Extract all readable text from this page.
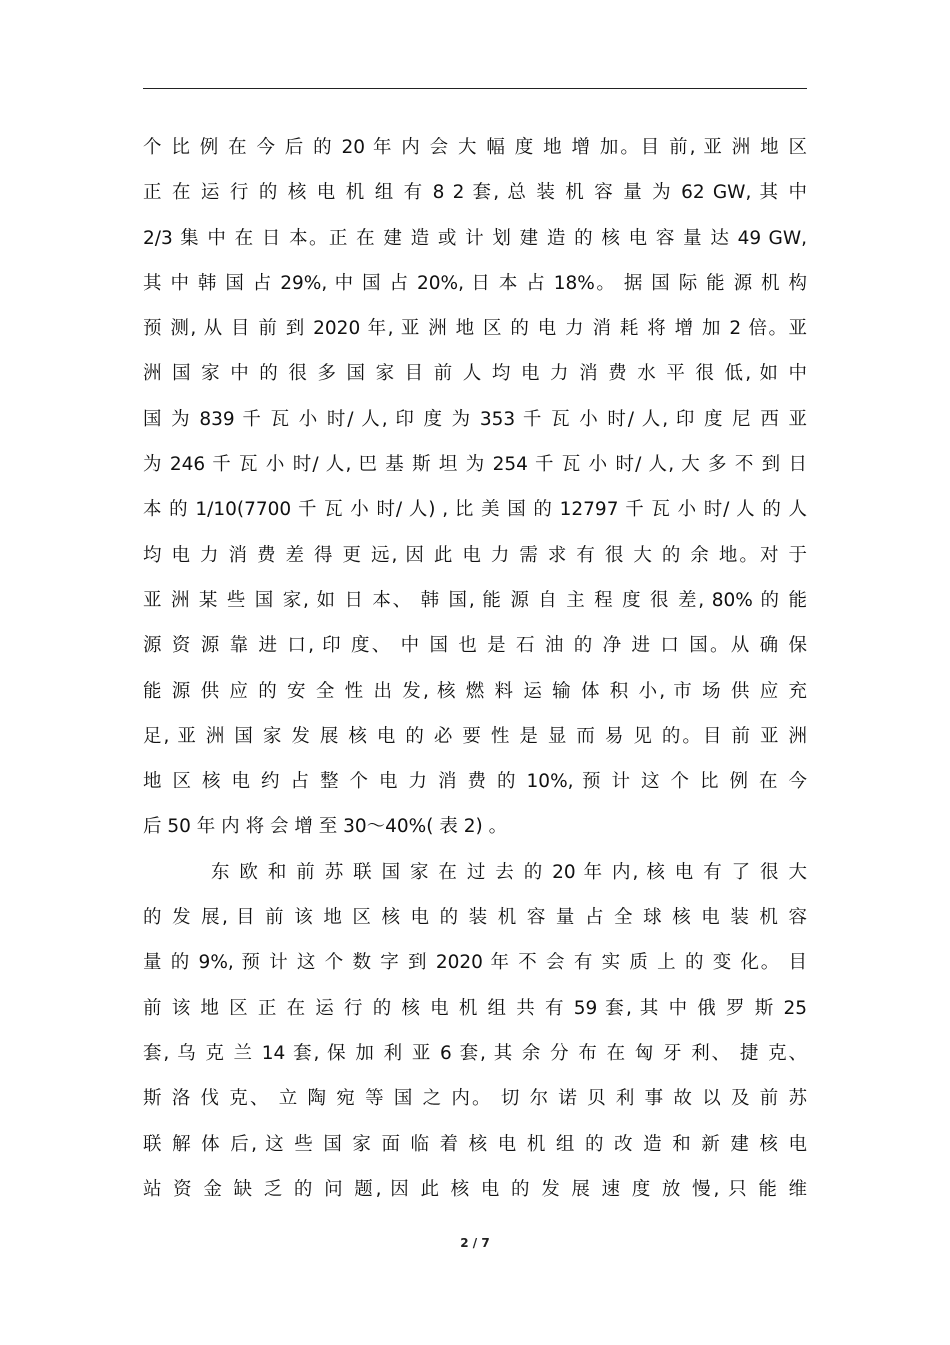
个 比 例 在 今 后 的 20 年 内 会 大 幅 度 地 增 加。目 前, 亚 洲 地 区
正 在 运 行 的 核 电 机 组 有 8 2 套, 总 装 机 容 量 为 62 GW, 其 中
2/3 集 中 在 日 本。正 在 建 造 或 计 划 建 造 的 核 电 容 量 达 49 GW,
其 中 韩 国 占 29%, 中 国 占 20%, 日 本 占 18%。 据 国 际 能 源 机 构
预 测, 从 目 前 到 2020 年, 亚 洲 地 区 的 电 力 消 耗 将 增 加 2 倍。亚
洲 国 家 中 的 很 多 国 家 目 前 人 均 电 力 消 费 水 平 很 低, 如 中
国 为 839 千 瓦 小 时/ 人, 印 度 为 353 千 瓦 小 时/ 人, 印 度 尼 西 亚
为 246 千 瓦 小 时/ 人, 巴 基 斯 坦 为 254 千 瓦 小 时/ 人, 大 多 不 到 日
本 的 1/10(7700 千 瓦 小 时/ 人) , 比 美 国 的 12797 千 瓦 小 时/ 人 的 人
均 电 力 消 费 差 得 更 远, 因 此 电 力 需 求 有 很 大 的 余 地。对 于
亚 洲 某 些 国 家, 如 日 本、 韩 国, 能 源 自 主 程 度 很 差, 80% 的 能
源 资 源 靠 进 口, 印 度、 中 国 也 是 石 油 的 净 进 口 国。从 确 保
能 源 供 应 的 安 全 性 出 发, 核 燃 料 运 输 体 积 小, 市 场 供 应 充
足, 亚 洲 国 家 发 展 核 电 的 必 要 性 是 显 而 易 见 的。目 前 亚 洲
地 区 核 电 约 占 整 个 电 力 消 费 的 10%, 预 计 这 个 比 例 在 今
后 50 年 内 将 会 增 至 30～40%( 表 2) 。
东 欧 和 前 苏 联 国 家 在 过 去 的 20 年 内, 核 电 有 了 很 大
的 发 展, 目 前 该 地 区 核 电 的 装 机 容 量 占 全 球 核 电 装 机 容
量 的 9%, 预 计 这 个 数 字 到 2020 年 不 会 有 实 质 上 的 变 化。 目
前 该 地 区 正 在 运 行 的 核 电 机 组 共 有 59 套, 其 中 俄 罗 斯 25
套, 乌 克 兰 14 套, 保 加 利 亚 6 套, 其 余 分 布 在 匈 牙 利、 捷 克、
斯 洛 伐 克、 立 陶 宛 等 国 之 内。 切 尔 诺 贝 利 事 故 以 及 前 苏
联 解 体 后, 这 些 国 家 面 临 着 核 电 机 组 的 改 造 和 新 建 核 电
站 资 金 缺 乏 的 问 题, 因 此 核 电 的 发 展 速 度 放 慢, 只 能 维
2 / 7
